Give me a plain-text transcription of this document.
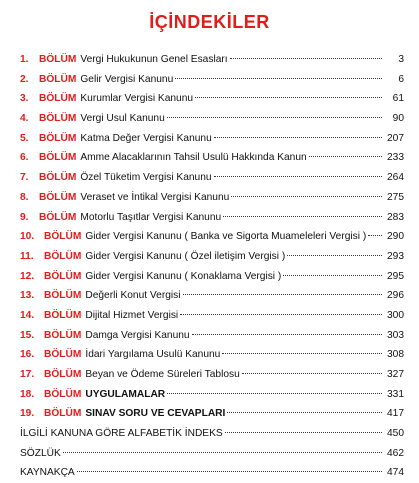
İÇİNDEKİLER
1.	BÖLÜM Vergi Hukukunun Genel Esasları	3
2.	BÖLÜM Gelir Vergisi Kanunu	6
3.	BÖLÜM Kurumlar Vergisi Kanunu	61
4.	BÖLÜM Vergi Usul Kanunu	90
5.	BÖLÜM Katma Değer Vergisi Kanunu	207
6.	BÖLÜM Amme Alacaklarının Tahsil Usulü Hakkında Kanun	233
7.	BÖLÜM Özel Tüketim Vergisi Kanunu	264
8.	BÖLÜM Veraset ve İntikal Vergisi Kanunu	275
9.	BÖLÜM Motorlu Taşıtlar Vergisi Kanunu	283
10. BÖLÜM Gider Vergisi Kanunu ( Banka ve Sigorta Muameleleri Vergisi )	290
11.	BÖLÜM Gider Vergisi Kanunu ( Özel iletişim Vergisi )	293
12. BÖLÜM Gider Vergisi Kanunu ( Konaklama Vergisi )	295
13. BÖLÜM Değerli Konut Vergisi	296
14. BÖLÜM Dijital Hizmet Vergisi	300
15. BÖLÜM Damga Vergisi Kanunu	303
16. BÖLÜM İdari Yargılama Usulü Kanunu	308
17. BÖLÜM Beyan ve Ödeme Süreleri Tablosu	327
18. BÖLÜM UYGULAMALAR	331
19. BÖLÜM SINAV SORU VE CEVAPLARI	417
İLGİLİ KANUNA GÖRE ALFABETİK İNDEKS	450
SÖZLÜK	462
KAYNAKÇA	474
